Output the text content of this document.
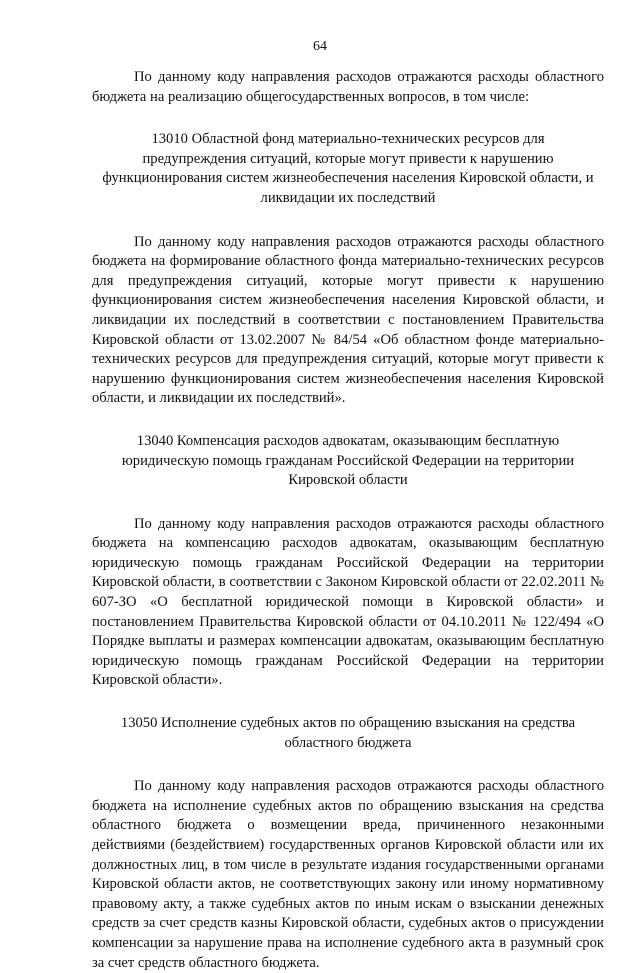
64

По данному коду направления расходов отражаются расходы областного бюджета на реализацию общегосударственных вопросов, в том числе:

13010 Областной фонд материально-технических ресурсов для предупреждения ситуаций, которые могут привести к нарушению функционирования систем жизнеобеспечения населения Кировской области, и ликвидации их последствий

По данному коду направления расходов отражаются расходы областного бюджета на формирование областного фонда материально-технических ресурсов для предупреждения ситуаций, которые могут привести к нарушению функционирования систем жизнеобеспечения населения Кировской области, и ликвидации их последствий в соответствии с постановлением Правительства Кировской области от 13.02.2007 № 84/54 «Об областном фонде материально-технических ресурсов для предупреждения ситуаций, которые могут привести к нарушению функционирования систем жизнеобеспечения населения Кировской области, и ликвидации их последствий».

13040 Компенсация расходов адвокатам, оказывающим бесплатную юридическую помощь гражданам Российской Федерации на территории Кировской области

По данному коду направления расходов отражаются расходы областного бюджета на компенсацию расходов адвокатам, оказывающим бесплатную юридическую помощь гражданам Российской Федерации на территории Кировской области, в соответствии с Законом Кировской области от 22.02.2011 № 607-ЗО «О бесплатной юридической помощи в Кировской области» и постановлением Правительства Кировской области от 04.10.2011 № 122/494 «О Порядке выплаты и размерах компенсации адвокатам, оказывающим бесплатную юридическую помощь гражданам Российской Федерации на территории Кировской области».

13050 Исполнение судебных актов по обращению взыскания на средства областного бюджета

По данному коду направления расходов отражаются расходы областного бюджета на исполнение судебных актов по обращению взыскания на средства областного бюджета о возмещении вреда, причиненного незаконными действиями (бездействием) государственных органов Кировской области или их должностных лиц, в том числе в результате издания государственными органами Кировской области актов, не соответствующих закону или иному нормативному правовому акту, а также судебных актов по иным искам о взыскании денежных средств за счет средств казны Кировской области, судебных актов о присуждении компенсации за нарушение права на исполнение судебного акта в разумный срок за счет средств областного бюджета.
